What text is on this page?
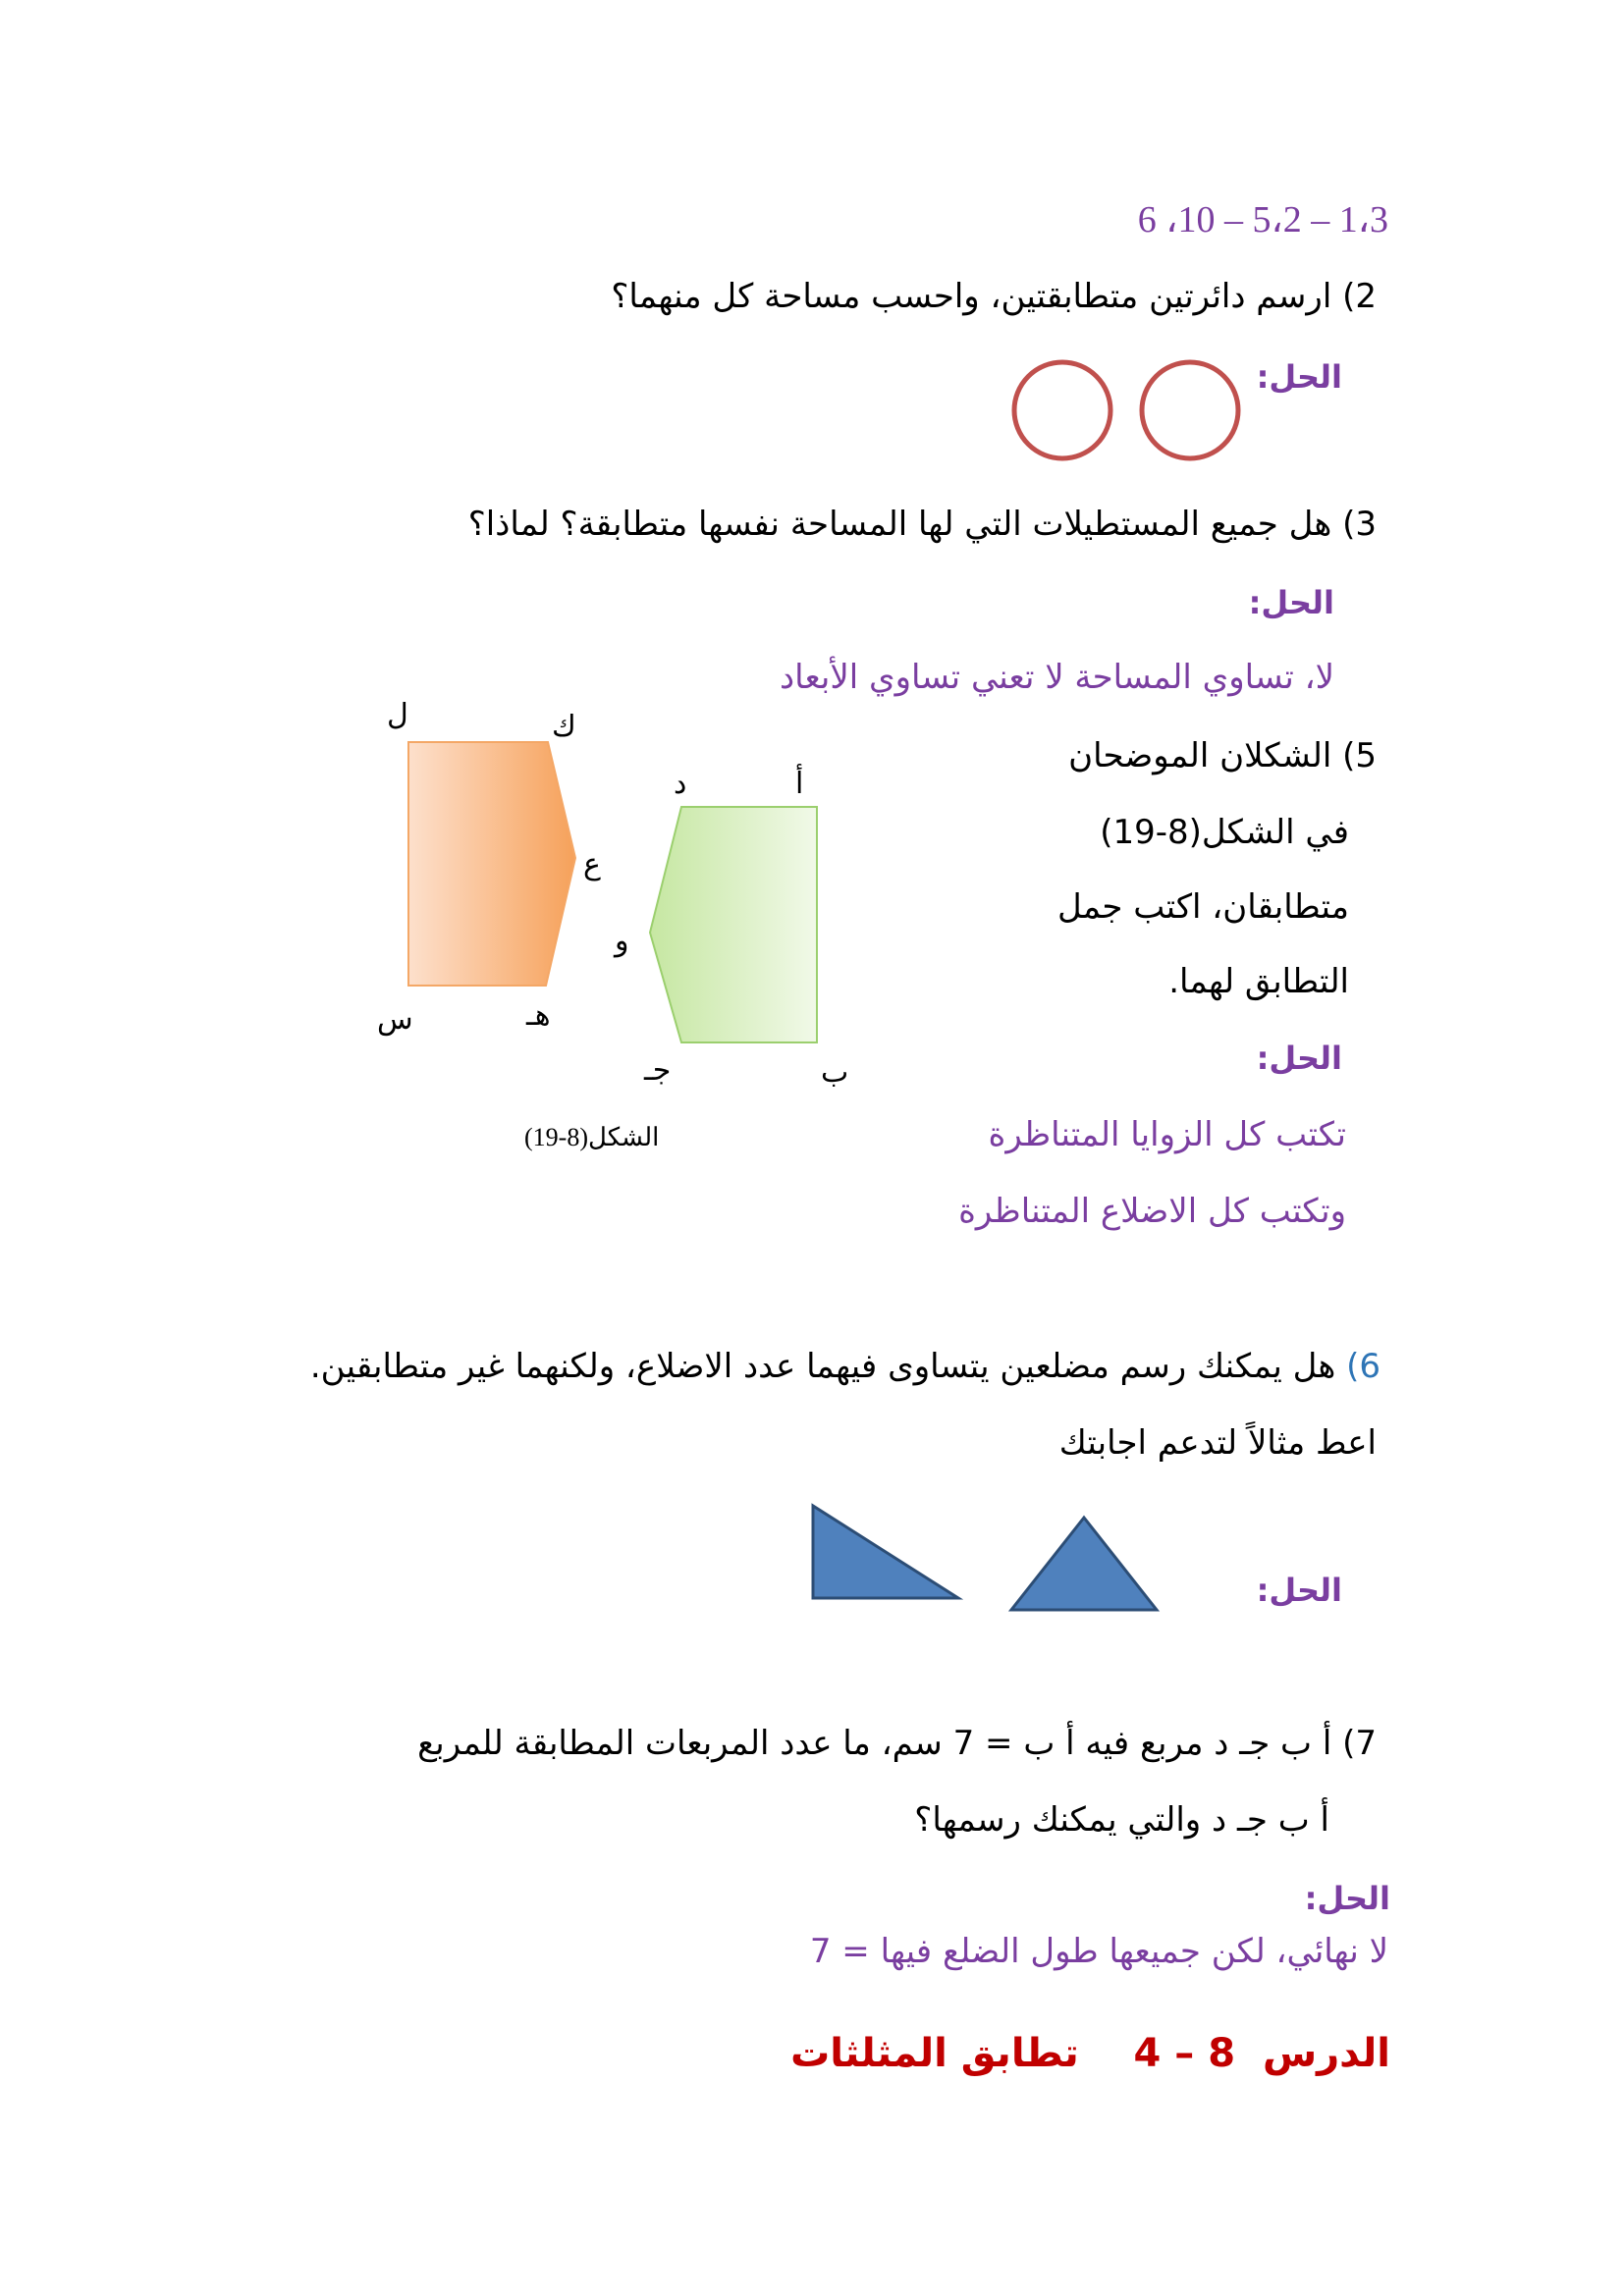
6 ،10 – 5،2 – 1،3
2) ارسم دائرتين متطابقتين، واحسب مساحة كل منهما؟
الحل:
3) هل جميع المستطيلات التي لها المساحة نفسها متطابقة؟ لماذا؟
الحل:
لا، تساوي المساحة لا تعني تساوي الأبعاد
5) الشكلان الموضحان
في الشكل(8-19)
متطابقان، اكتب جمل
التطابق لهما.
الحل:
تكتب كل الزوايا المتناظرة
وتكتب كل الاضلاع المتناظرة
6) هل يمكنك رسم مضلعين يتساوى فيهما عدد الاضلاع، ولكنهما غير متطابقين.
اعط مثالاً لتدعم اجابتك
الحل:
7) أ ب جـ د مربع فيه أ ب = 7 سم، ما عدد المربعات المطابقة للمربع
أ ب جـ د والتي يمكنك رسمها؟
الحل:
لا نهائي، لكن جميعها طول الضلع فيها = 7
الدرس  8 – 4    تطابق المثلثات
ل	ك
ع
س	هـ
د	أ
و
جـ	ب
الشكل(8-19)
